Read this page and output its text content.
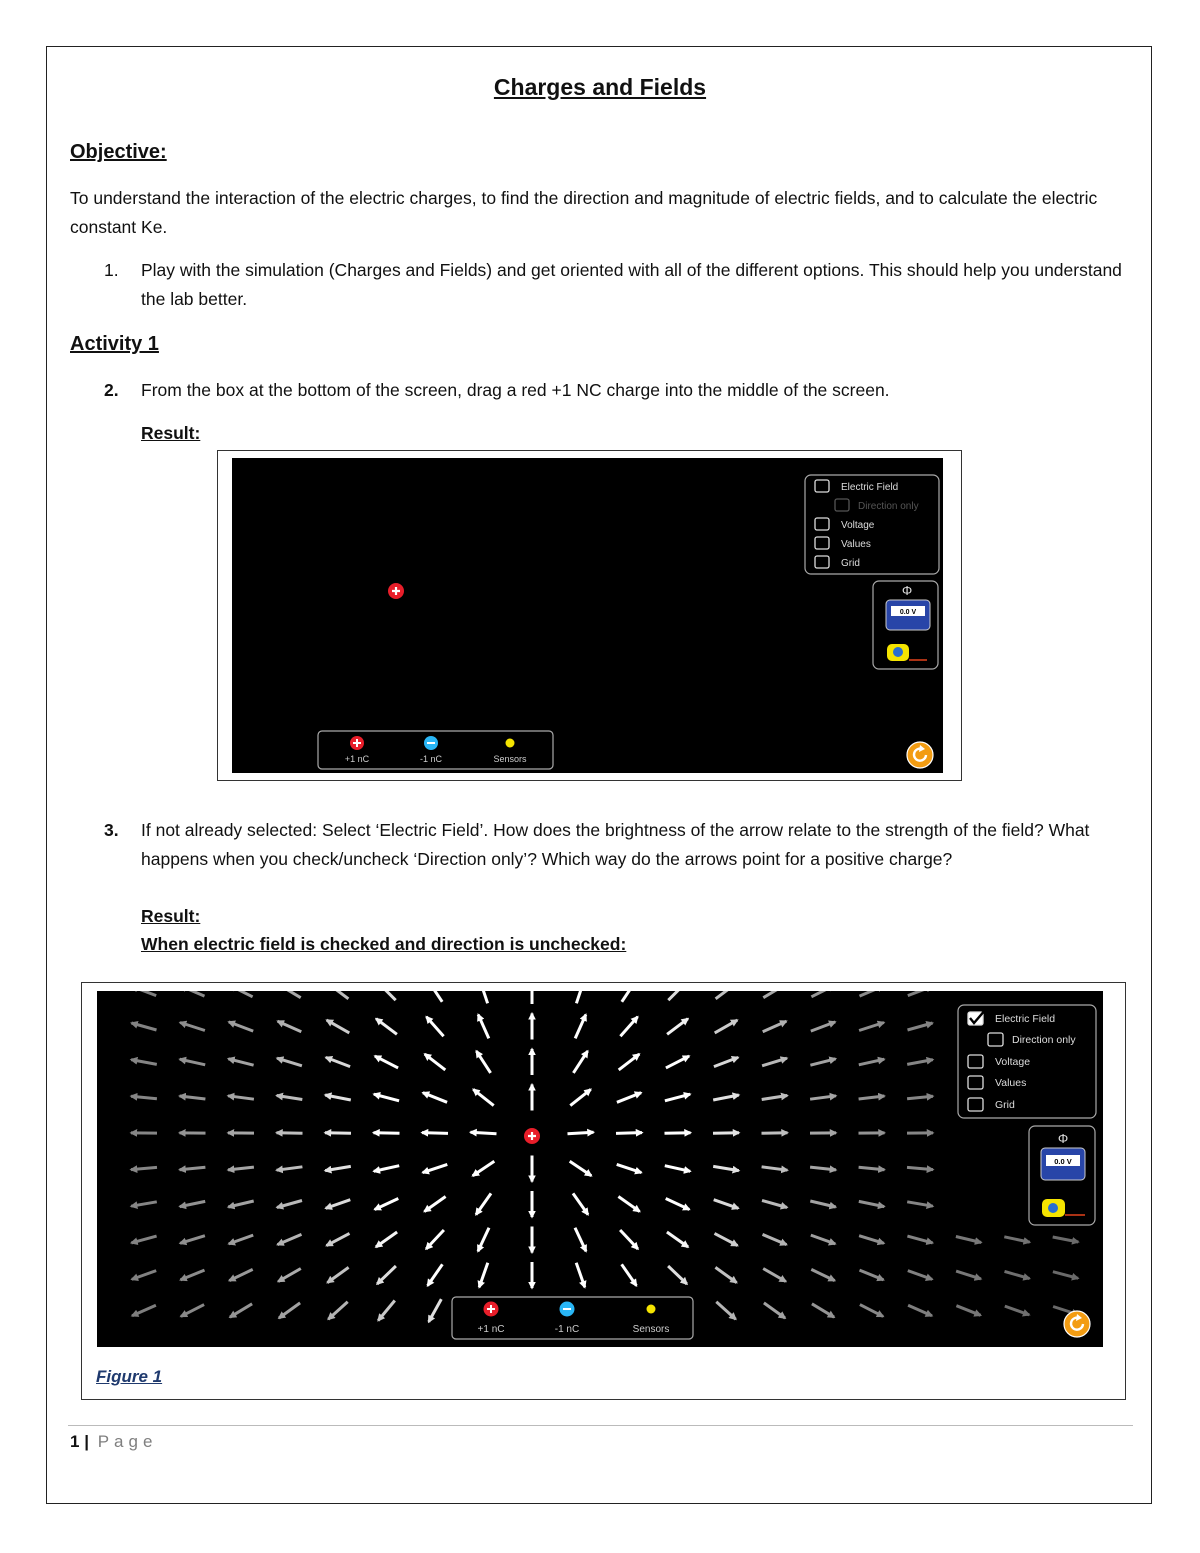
Charges and Fields
Objective:
To understand the interaction of the electric charges, to find the direction and magnitude of electric fields, and to calculate the electric constant Ke.
1.	Play with the simulation (Charges and Fields) and get oriented with all of the different options. This should help you understand the lab better.
Activity 1
2.	From the box at the bottom of the screen, drag a red +1 NC charge into the middle of the screen.
Result:
Electric Field
Direction only
Voltage
Values
Grid
Φ
0.0 V
+1 nC	-1 nC	Sensors
3.	If not already selected: Select ‘Electric Field’. How does the brightness of the arrow relate to the strength of the field? What happens when you check/uncheck ‘Direction only’? Which way do the arrows point for a positive charge?
Result:
When electric field is checked and direction is unchecked:
Electric Field
Direction only
Voltage
Values
Grid
Φ
0.0 V
+1 nC	-1 nC	Sensors
Figure 1
1 | Page
